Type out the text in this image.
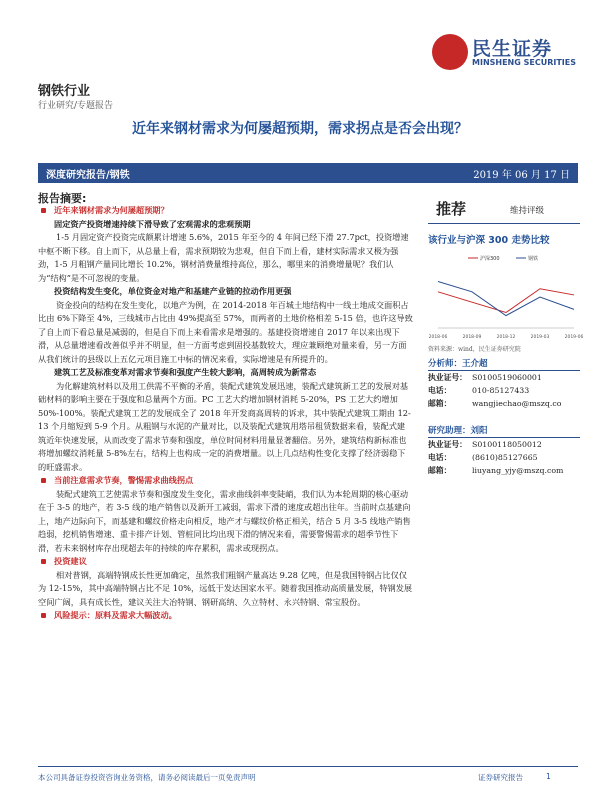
民生证券
MINSHENG SECURITIES
钢铁行业
行业研究/专题报告
近年来钢材需求为何屡超预期，需求拐点是否会出现？
深度研究报告/钢铁	2019 年 06 月 17 日
报告摘要:

近年来钢材需求为何屡超预期？

固定资产投资增速持续下滑导致了宏观需求的悲观预期

1-5 月固定资产投资完成额累计增速 5.6%，2015 年至今的 4 年间已经下滑 27.7pct，投资增速中枢不断下移。自上而下，从总量上看，需求预期较为悲观，但自下而上看，建材实际需求又极为强劲，1-5 月粗钢产量同比增长 10.2%，钢材消费量维持高位，那么，哪里来的消费增量呢？我们认为“结构”是不可忽视的变量。

投资结构发生变化，单位资金对地产和基建产业链的拉动作用更强

资金投向的结构在发生变化，以地产为例，在 2014-2018 年百城土地结构中一线土地成交面积占比由 6%下降至 4%，三线城市占比由 49%提高至 57%，而两者的土地价格相差 5-15 倍，也许这导致了自上而下看总量是减弱的，但是自下而上来看需求是增强的。基建投资增速自 2017 年以来出现下滑，从总量增速看改善似乎并不明显，但一方面考虑到固投基数较大，理应兼顾绝对量来看，另一方面从我们统计的县级以上五亿元项目施工中标的情况来看，实际增速是有所提升的。

建筑工艺及标准变革对需求节奏和强度产生较大影响，高周转成为新常态

为化解建筑材料以及用工供需不平衡的矛盾，装配式建筑发展迅速，装配式建筑新工艺的发展对基础材料的影响主要在于强度和总量两个方面。PC 工艺大约增加钢材消耗 5-20%，PS 工艺大约增加 50%-100%。装配式建筑工艺的发展成全了 2018 年开发商高周转的诉求，其中装配式建筑工期由 12-13 个月缩短到 5-9 个月。从粗钢与水泥的产量对比，以及装配式建筑用塔吊租赁数据来看，装配式建筑近年快速发展，从而改变了需求节奏和强度，单位时间材料用量显著翻倍。另外，建筑结构新标准也将增加螺纹消耗量 5-8%左右，结构上也构成一定的消费增量。以上几点结构性变化支撑了经济弱稳下的旺盛需求。

当前注意需求节奏，警惕需求曲线拐点

装配式建筑工艺使需求节奏和强度发生变化，需求曲线斜率变陡峭，我们认为本轮周期的核心驱动在于 3-5 的地产，若 3-5 线的地产销售以及新开工减弱，需求下滑的速度或超出往年。当前时点基建向上，地产边际向下，而基建和螺纹价格走向相反，地产才与螺纹价格正相关，结合 5 月 3-5 线地产销售趋弱，挖机销售增速、重卡排产计划、管桩同比均出现下滑的情况来看，需要警惕需求的超季节性下滑，若未来钢材库存出现超去年的持续的库存累积，需求或现拐点。

投资建议

相对普钢，高端特钢成长性更加确定，虽然我们粗钢产量高达 9.28 亿吨，但是我国特钢占比仅仅为 12-15%，其中高端特钢占比不足 10%，远低于发达国家水平。随着我国推动高质量发展，特钢发展空间广阔，具有成长性，建议关注大冶特钢、钢研高纳、久立特材、永兴特钢、常宝股份。

风险提示：原料及需求大幅波动。

推荐	维持评级
该行业与沪深 300 走势比较
2018-06	2018-09	2018-12	2019-03	2019-06
沪深300	钢铁
资料来源：wind，民生证券研究院
分析师：王介超
执业证号： S0100519060001
电话：	010-85127433
邮箱：	wangjiechao@mszq.co
研究助理：刘阳
执业证号： S0100118050012
电话：	(8610)85127665
邮箱：	liuyang_yjy@mszq.com
本公司具备证券投资咨询业务资格，请务必阅读最后一页免责声明	证券研究报告	1
